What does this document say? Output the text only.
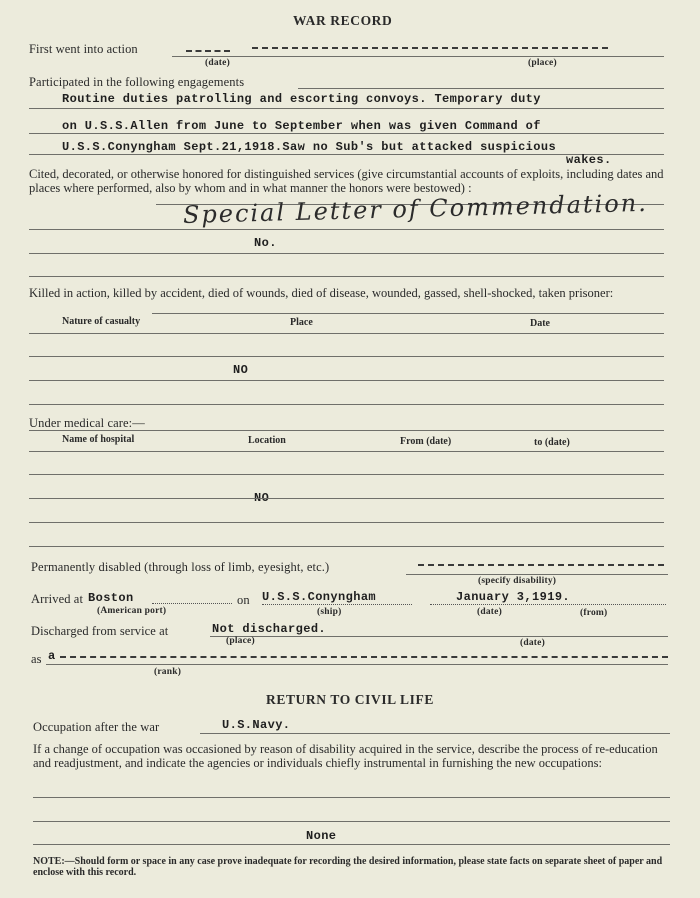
WAR RECORD
First went into action
(date)	(place)
Participated in the following engagements
Routine duties patrolling and escorting convoys. Temporary duty
on U.S.S.Allen from June to September when was given Command of
U.S.S.Conyngham Sept.21,1918.Saw no Sub's but attacked suspicious
wakes.
Cited, decorated, or otherwise honored for distinguished services (give circumstantial accounts of exploits, including dates and places where performed, also by whom and in what manner the honors were bestowed) :
Special Letter of Commendation.
No.
Killed in action, killed by accident, died of wounds, died of disease, wounded, gassed, shell-shocked, taken prisoner:
Nature of casualty	Place	Date
NO
Under medical care:—
Name of hospital	Location	From (date)	to (date)
NO
Permanently disabled (through loss of limb, eyesight, etc.)
(specify disability)
Arrived at Boston	on U.S.S.Conyngham	January 3,1919.
(American port)	(ship)	(date)	(from)
Discharged from service at	Not discharged.
(place)	(date)
as a
(rank)
RETURN TO CIVIL LIFE
Occupation after the war	U.S.Navy.
If a change of occupation was occasioned by reason of disability acquired in the service, describe the process of re-education and readjustment, and indicate the agencies or individuals chiefly instrumental in furnishing the new occupations:
None
NOTE:—Should form or space in any case prove inadequate for recording the desired information, please state facts on separate sheet of paper and enclose with this record.
